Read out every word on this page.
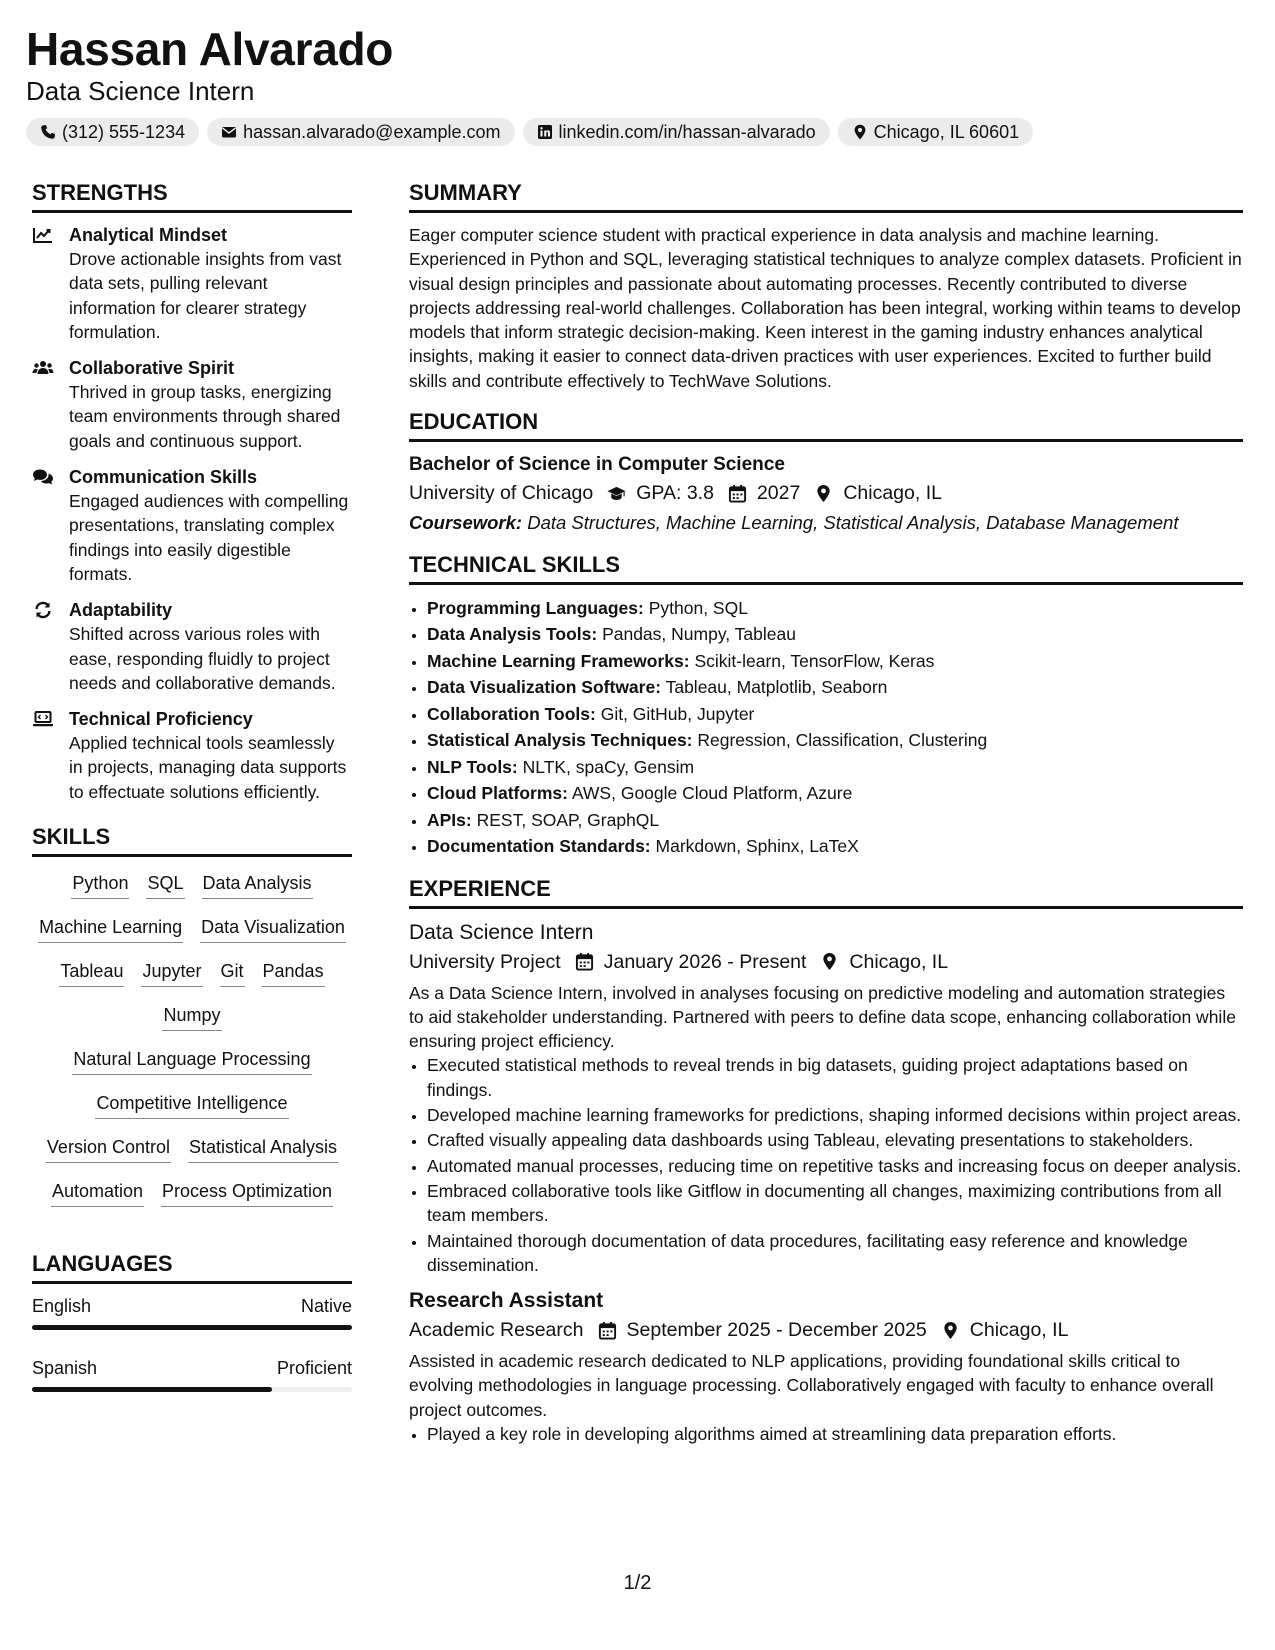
Hassan Alvarado
Data Science Intern
(312) 555-1234	hassan.alvarado@example.com	linkedin.com/in/hassan-alvarado	Chicago, IL 60601
STRENGTHS
Analytical Mindset
Drove actionable insights from vast data sets, pulling relevant information for clearer strategy formulation.
Collaborative Spirit
Thrived in group tasks, energizing team environments through shared goals and continuous support.
Communication Skills
Engaged audiences with compelling presentations, translating complex findings into easily digestible formats.
Adaptability
Shifted across various roles with ease, responding fluidly to project needs and collaborative demands.
Technical Proficiency
Applied technical tools seamlessly in projects, managing data supports to effectuate solutions efficiently.
SKILLS
Python SQL Data Analysis
Machine Learning Data Visualization
Tableau Jupyter Git Pandas
Numpy
Natural Language Processing
Competitive Intelligence
Version Control Statistical Analysis
Automation Process Optimization
LANGUAGES
English	Native
Spanish	Proficient
SUMMARY

Eager computer science student with practical experience in data analysis and machine learning. Experienced in Python and SQL, leveraging statistical techniques to analyze complex datasets. Proficient in visual design principles and passionate about automating processes. Recently contributed to diverse projects addressing real-world challenges. Collaboration has been integral, working within teams to develop models that inform strategic decision-making. Keen interest in the gaming industry enhances analytical insights, making it easier to connect data-driven practices with user experiences. Excited to further build skills and contribute effectively to TechWave Solutions.

EDUCATION
Bachelor of Science in Computer Science
University of Chicago GPA: 3.8 2027 Chicago, IL
Coursework: Data Structures, Machine Learning, Statistical Analysis, Database Management
TECHNICAL SKILLS
• Programming Languages: Python, SQL
• Data Analysis Tools: Pandas, Numpy, Tableau
• Machine Learning Frameworks: Scikit-learn, TensorFlow, Keras
• Data Visualization Software: Tableau, Matplotlib, Seaborn
• Collaboration Tools: Git, GitHub, Jupyter
• Statistical Analysis Techniques: Regression, Classification, Clustering
• NLP Tools: NLTK, spaCy, Gensim
• Cloud Platforms: AWS, Google Cloud Platform, Azure
• APIs: REST, SOAP, GraphQL
• Documentation Standards: Markdown, Sphinx, LaTeX
EXPERIENCE
Data Science Intern
University Project January 2026 - Present Chicago, IL
As a Data Science Intern, involved in analyses focusing on predictive modeling and automation strategies to aid stakeholder understanding. Partnered with peers to define data scope, enhancing collaboration while ensuring project efficiency.
• Executed statistical methods to reveal trends in big datasets, guiding project adaptations based on findings.
• Developed machine learning frameworks for predictions, shaping informed decisions within project areas.
• Crafted visually appealing data dashboards using Tableau, elevating presentations to stakeholders.
• Automated manual processes, reducing time on repetitive tasks and increasing focus on deeper analysis.
• Embraced collaborative tools like Gitflow in documenting all changes, maximizing contributions from all team members.
• Maintained thorough documentation of data procedures, facilitating easy reference and knowledge dissemination.
Research Assistant
Academic Research September 2025 - December 2025 Chicago, IL
Assisted in academic research dedicated to NLP applications, providing foundational skills critical to evolving methodologies in language processing. Collaboratively engaged with faculty to enhance overall project outcomes.
• Played a key role in developing algorithms aimed at streamlining data preparation efforts.
1/2
